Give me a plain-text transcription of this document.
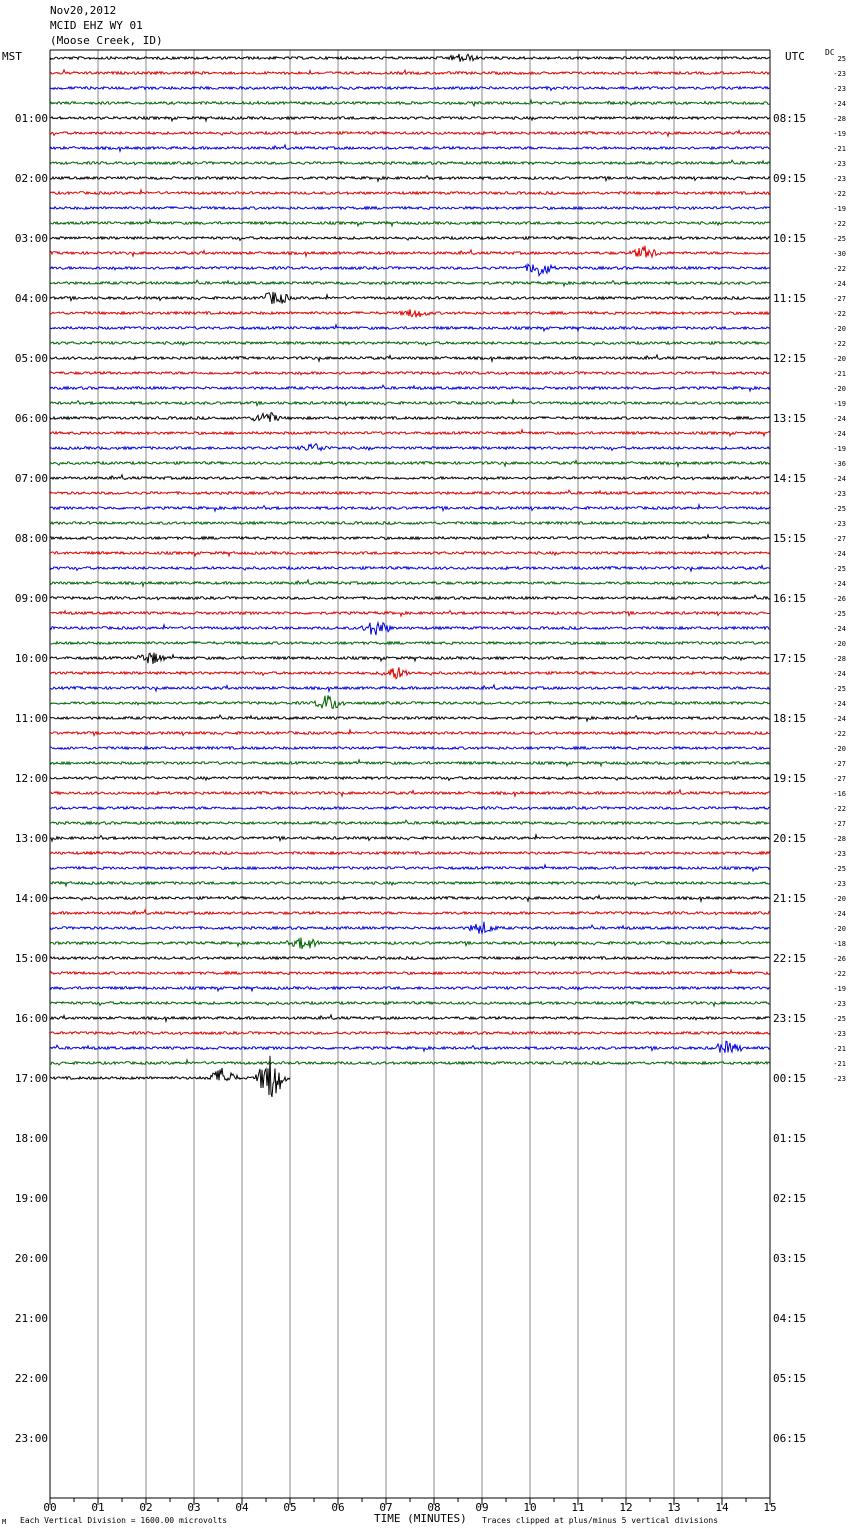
Nov20,2012
MCID EHZ WY 01
(Moose Creek, ID)
MST	UTC	DC
M Each Vertical Division = 1600.00 microvolts	TIME (MINUTES) Traces clipped at plus/minus 5 vertical divisions
00	01	02	03	04	05	06	07	08	09	10	11	12	13	14	15
01:00
02:00
03:00
04:00
05:00
06:00
07:00
08:00
09:00
10:00
11:00
12:00
13:00
14:00
15:00
16:00
17:00
18:00
19:00
20:00
21:00
22:00
23:00
08:15
09:15
10:15
11:15
12:15
13:15
14:15
15:15
16:15
17:15
18:15
19:15
20:15
21:15
22:15
23:15
00:15
01:15
02:15
03:15
04:15
05:15
06:15
25
-23
-23
-24
-28
-19
-21
-23
-23
-22
-19
-22
-25
-30
-22
-24
-27
-22
-20
-22
-20
-21
-20
-19
-24
-24
-19
-36
-24
-23
-25
-23
-27
-24
-25
-24
-26
-25
-24
-20
-28
-24
-25
-24
-24
-22
-20
-27
-27
-16
-22
-27
-28
-23
-25
-23
-20
-24
-20
-18
-26
-22
-19
-23
-25
-23
-21
-21
-23
